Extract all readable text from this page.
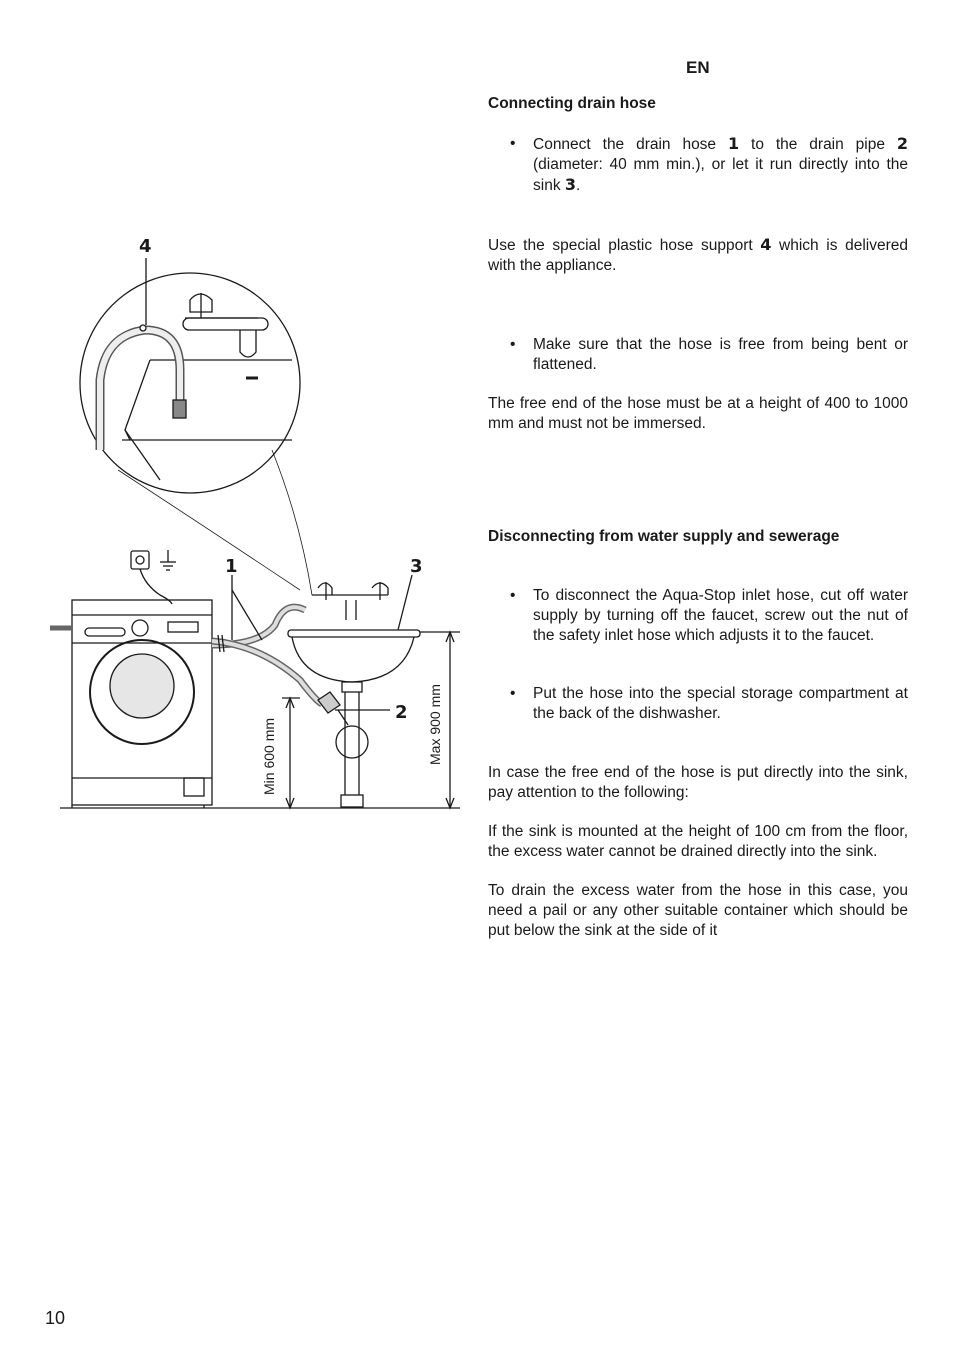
4
1	3
2
Min 600 mm	Max 900 mm
EN

Connecting drain hose

• Connect the drain hose 1 to the drain pipe 2 (diameter: 40 mm min.), or let it run directly into the sink 3.

Use the special plastic hose support 4 which is delivered with the appliance.

• Make sure that the hose is free from being bent or flattened.

The free end of the hose must be at a height of 400 to 1000 mm and must not be immersed.

Disconnecting from water supply and sewerage

• To disconnect the Aqua-Stop inlet hose, cut off water supply by turning off the faucet, screw out the nut of the safety inlet hose which adjusts it to the faucet.

• Put the hose into the special storage compartment at the back of the dishwasher.

In case the free end of the hose is put directly into the sink, pay attention to the following:

If the sink is mounted at the height of 100 cm from the floor, the excess water cannot be drained directly into the sink.

To drain the excess water from the hose in this case, you need a pail or any other suitable container which should be put below the sink at the side of it

10
